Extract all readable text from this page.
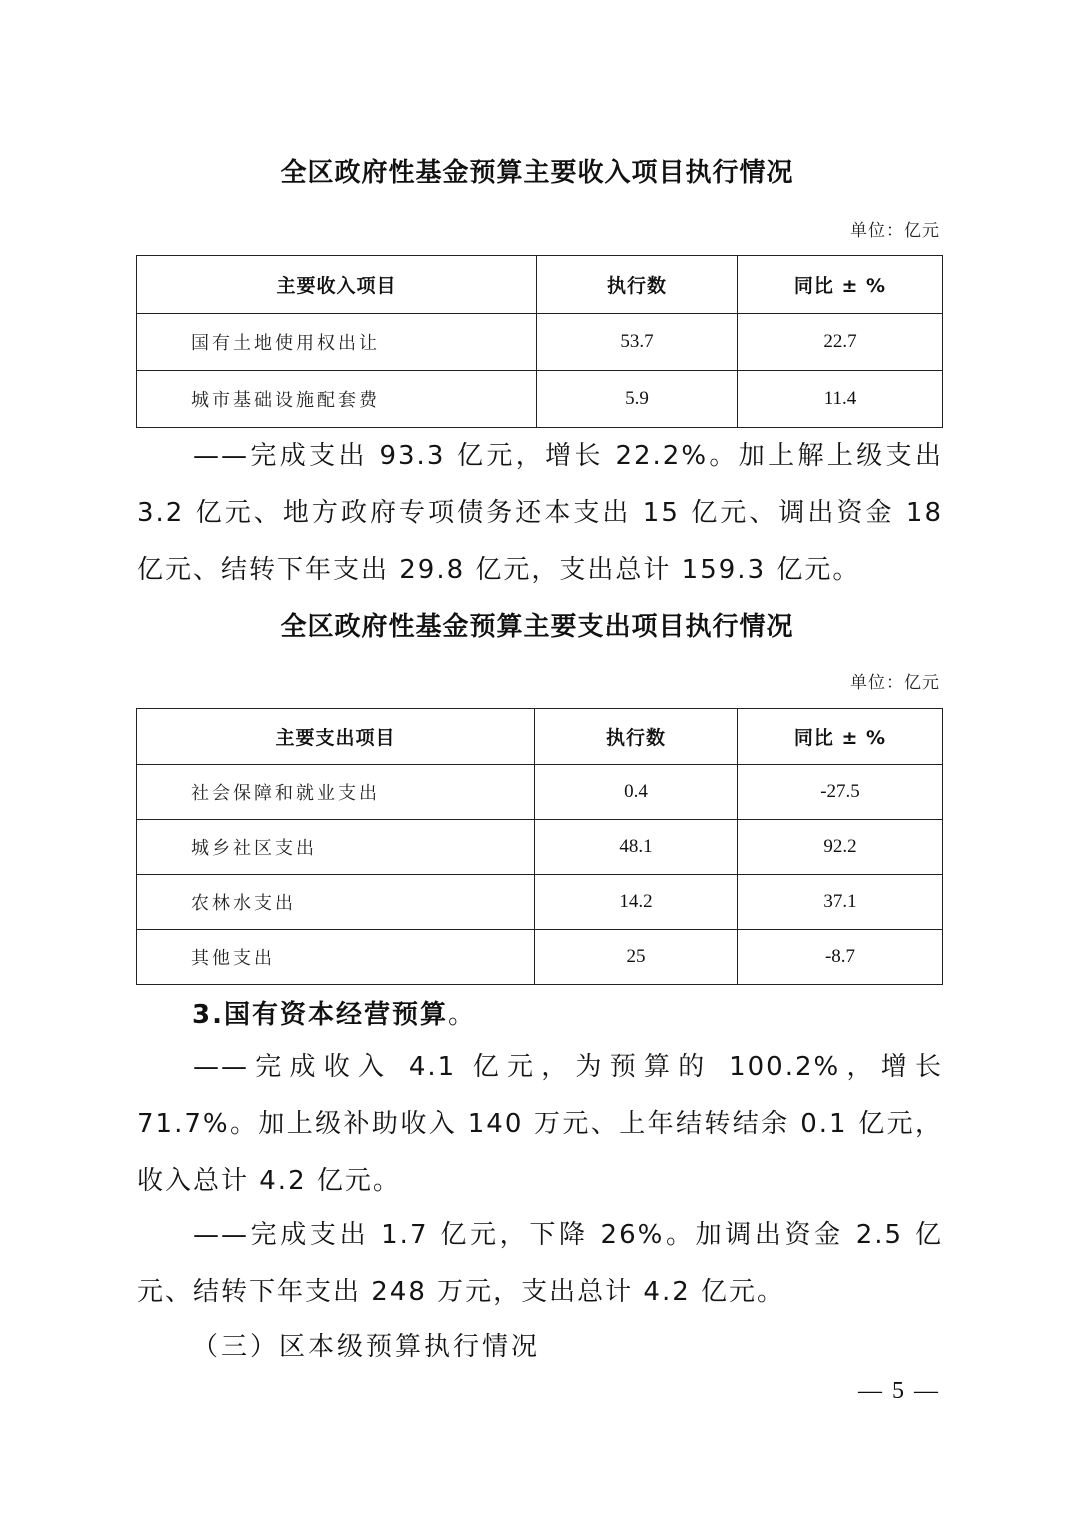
全区政府性基金预算主要收入项目执行情况
单位：亿元
主要收入项目	执行数	同比 ± %
国有土地使用权出让	53.7	22.7
城市基础设施配套费	5.9	11.4
——完成支出 93.3 亿元，增长 22.2%。加上解上级支出 3.2 亿元、地方政府专项债务还本支出 15 亿元、调出资金 18 亿元、结转下年支出 29.8 亿元，支出总计 159.3 亿元。
全区政府性基金预算主要支出项目执行情况
单位：亿元
主要支出项目	执行数	同比 ± %
社会保障和就业支出	0.4	-27.5
城乡社区支出	48.1	92.2
农林水支出	14.2	37.1
其他支出	25	-8.7
3.国有资本经营预算。
——完成收入 4.1 亿元，为预算的 100.2%，增长 71.7%。加上级补助收入 140 万元、上年结转结余 0.1 亿元，收入总计 4.2 亿元。
——完成支出 1.7 亿元，下降 26%。加调出资金 2.5 亿元、结转下年支出 248 万元，支出总计 4.2 亿元。
（三）区本级预算执行情况
— 5 —
